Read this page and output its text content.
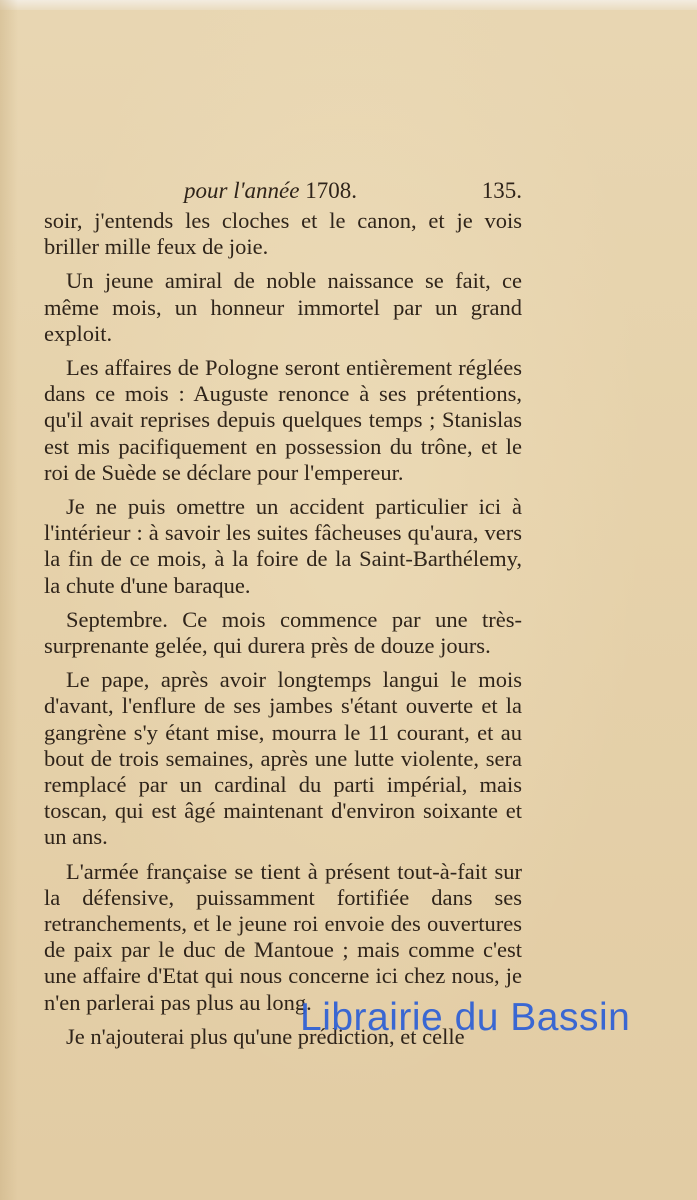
pour l'année 1708.	135.

soir, j'entends les cloches et le canon, et je vois briller mille feux de joie.

Un jeune amiral de noble naissance se fait, ce même mois, un honneur immortel par un grand exploit.

Les affaires de Pologne seront entièrement réglées dans ce mois : Auguste renonce à ses prétentions, qu'il avait reprises depuis quelques temps ; Stanislas est mis pacifiquement en possession du trône, et le roi de Suède se déclare pour l'empereur.

Je ne puis omettre un accident particulier ici à l'intérieur : à savoir les suites fâcheuses qu'aura, vers la fin de ce mois, à la foire de la Saint-Barthélemy, la chute d'une baraque.

Septembre. Ce mois commence par une très-surprenante gelée, qui durera près de douze jours.

Le pape, après avoir longtemps langui le mois d'avant, l'enflure de ses jambes s'étant ouverte et la gangrène s'y étant mise, mourra le 11 courant, et au bout de trois semaines, après une lutte violente, sera remplacé par un cardinal du parti impérial, mais toscan, qui est âgé maintenant d'environ soixante et un ans.

L'armée française se tient à présent tout-à-fait sur la défensive, puissamment fortifiée dans ses retranchements, et le jeune roi envoie des ouvertures de paix par le duc de Mantoue ; mais comme c'est une affaire d'Etat qui nous concerne ici chez nous, je n'en parlerai pas plus au long.

Je n'ajouterai plus qu'une prédiction, et celle

Librairie du Bassin
